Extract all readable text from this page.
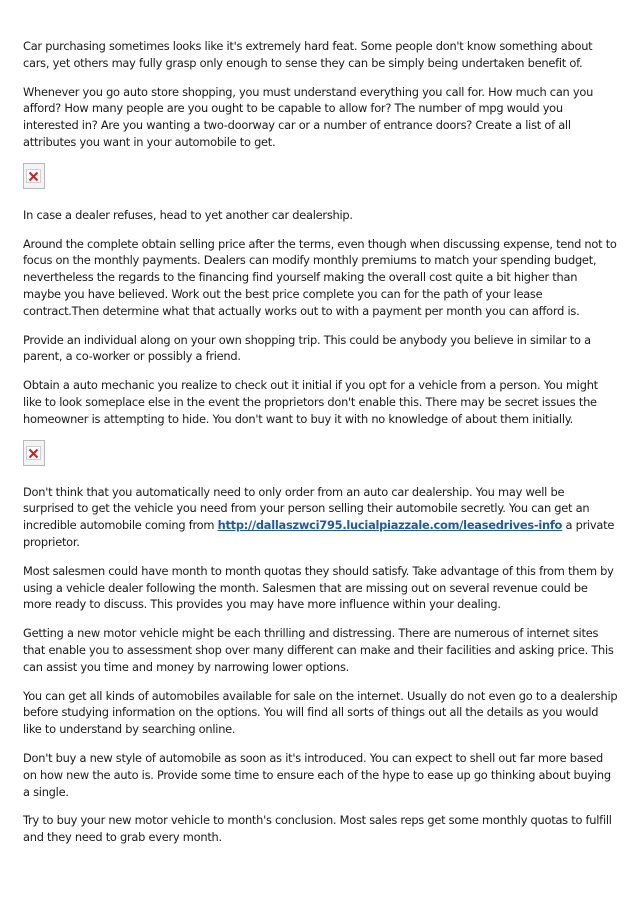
Car purchasing sometimes looks like it's extremely hard feat. Some people don't know something about cars, yet others may fully grasp only enough to sense they can be simply being undertaken benefit of.

Whenever you go auto store shopping, you must understand everything you call for. How much can you afford? How many people are you ought to be capable to allow for? The number of mpg would you interested in? Are you wanting a two-doorway car or a number of entrance doors? Create a list of all attributes you want in your automobile to get.

In case a dealer refuses, head to yet another car dealership.

Around the complete obtain selling price after the terms, even though when discussing expense, tend not to focus on the monthly payments. Dealers can modify monthly premiums to match your spending budget, nevertheless the regards to the financing find yourself making the overall cost quite a bit higher than maybe you have believed. Work out the best price complete you can for the path of your lease contract.Then determine what that actually works out to with a payment per month you can afford is.

Provide an individual along on your own shopping trip. This could be anybody you believe in similar to a parent, a co-worker or possibly a friend.

Obtain a auto mechanic you realize to check out it initial if you opt for a vehicle from a person. You might like to look someplace else in the event the proprietors don't enable this. There may be secret issues the homeowner is attempting to hide. You don't want to buy it with no knowledge of about them initially.

Don't think that you automatically need to only order from an auto car dealership. You may well be surprised to get the vehicle you need from your person selling their automobile secretly. You can get an incredible automobile coming from http://dallaszwci795.lucialpiazzale.com/leasedrives-info a private proprietor.

Most salesmen could have month to month quotas they should satisfy. Take advantage of this from them by using a vehicle dealer following the month. Salesmen that are missing out on several revenue could be more ready to discuss. This provides you may have more influence within your dealing.

Getting a new motor vehicle might be each thrilling and distressing. There are numerous of internet sites that enable you to assessment shop over many different can make and their facilities and asking price. This can assist you time and money by narrowing lower options.

You can get all kinds of automobiles available for sale on the internet. Usually do not even go to a dealership before studying information on the options. You will find all sorts of things out all the details as you would like to understand by searching online.

Don't buy a new style of automobile as soon as it's introduced. You can expect to shell out far more based on how new the auto is. Provide some time to ensure each of the hype to ease up go thinking about buying a single.

Try to buy your new motor vehicle to month's conclusion. Most sales reps get some monthly quotas to fulfill and they need to grab every month.
